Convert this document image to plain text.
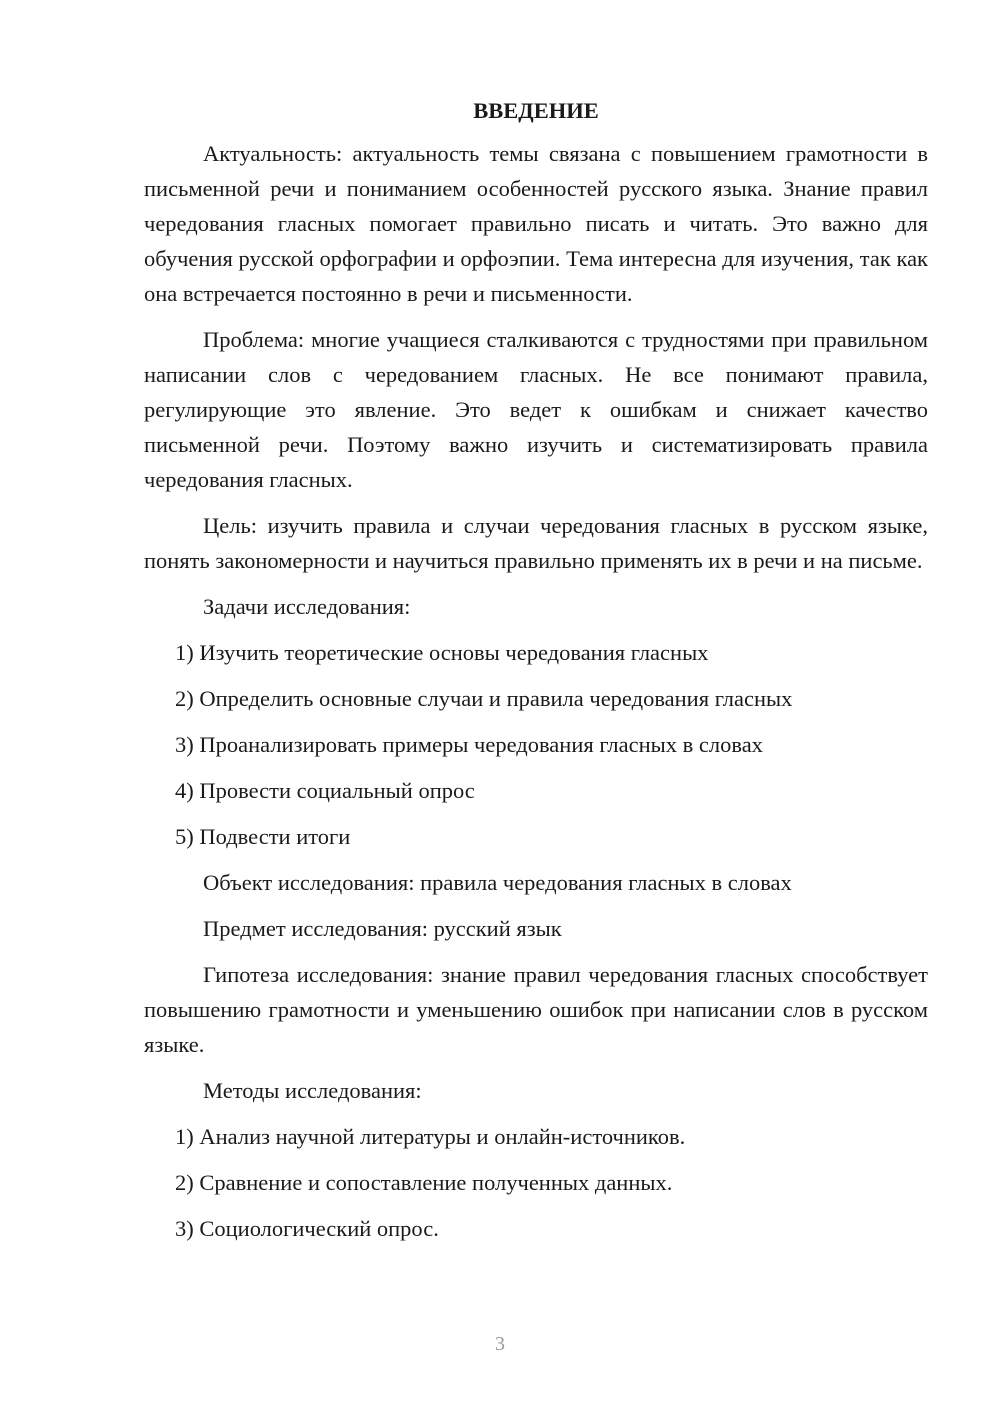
ВВЕДЕНИЕ

Актуальность: актуальность темы связана с повышением грамотности в письменной речи и пониманием особенностей русского языка. Знание правил чередования гласных помогает правильно писать и читать. Это важно для обучения русской орфографии и орфоэпии. Тема интересна для изучения, так как она встречается постоянно в речи и письменности.

Проблема: многие учащиеся сталкиваются с трудностями при правильном написании слов с чередованием гласных. Не все понимают правила, регулирующие это явление. Это ведет к ошибкам и снижает качество письменной речи. Поэтому важно изучить и систематизировать правила чередования гласных.

Цель: изучить правила и случаи чередования гласных в русском языке, понять закономерности и научиться правильно применять их в речи и на письме.

Задачи исследования:

1) Изучить теоретические основы чередования гласных

2) Определить основные случаи и правила чередования гласных

3) Проанализировать примеры чередования гласных в словах

4) Провести социальный опрос

5) Подвести итоги

Объект исследования: правила чередования гласных в словах

Предмет исследования: русский язык

Гипотеза исследования: знание правил чередования гласных способствует повышению грамотности и уменьшению ошибок при написании слов в русском языке.

Методы исследования:

1) Анализ научной литературы и онлайн-источников.

2) Сравнение и сопоставление полученных данных.

3) Социологический опрос.

3
